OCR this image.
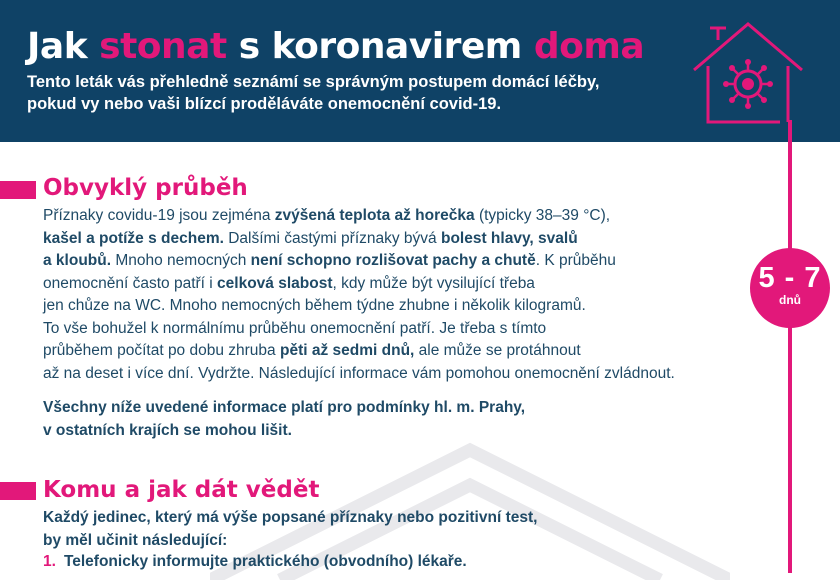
Jak stonat s koronavirem doma
Tento leták vás přehledně seznámí se správným postupem domácí léčby,
pokud vy nebo vaši blízcí proděláváte onemocnění covid-19.
5 - 7
dnů
Obvyklý průběh

Příznaky covidu-19 jsou zejména zvýšená teplota až horečka (typicky 38–39 °C),

kašel a potíže s dechem. Dalšími častými příznaky bývá bolest hlavy, svalů

a kloubů. Mnoho nemocných není schopno rozlišovat pachy a chutě. K průběhu

onemocnění často patří i celková slabost, kdy může být vysilující třeba

jen chůze na WC. Mnoho nemocných během týdne zhubne i několik kilogramů.

To vše bohužel k normálnímu průběhu onemocnění patří. Je třeba s tímto

průběhem počítat po dobu zhruba pěti až sedmi dnů, ale může se protáhnout

až na deset i více dní. Vydržte. Následující informace vám pomohou onemocnění zvládnout.

Všechny níže uvedené informace platí pro podmínky hl. m. Prahy,

v ostatních krajích se mohou lišit.

Komu a jak dát vědět

Každý jedinec, který má výše popsané příznaky nebo pozitivní test,

by měl učinit následující:

1. Telefonicky informujte praktického (obvodního) lékaře.
